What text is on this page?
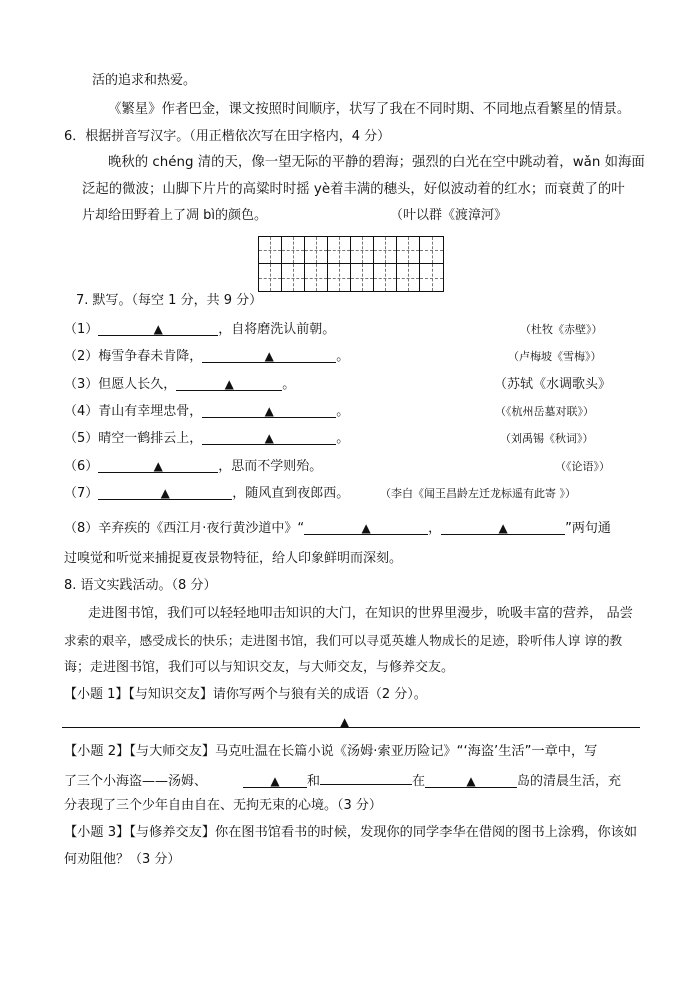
活的追求和热爱。
《繁星》作者巴金，课文按照时间顺序，状写了我在不同时期、不同地点看繁星的情景。
6．根据拼音写汉字。（用正楷依次写在田字格内，4 分）
晚秋的 chéng 清的天，像一望无际的平静的碧海；强烈的白光在空中跳动着，wǎn 如海面
泛起的微波；山脚下片片的高粱时时摇 yè着丰满的穗头，好似波动着的红水；而衰黄了的叶
片却给田野着上了凋 bì的颜色。	（叶以群《渡漳河》
7. 默写。（每空 1 分，共 9 分）
（1）	▲	，自将磨洗认前朝。	（杜牧《赤壁》）
（2）梅雪争春未肯降，	▲	。	（卢梅坡《雪梅》）
（3）但愿人长久，	▲	。	（苏轼《水调歌头》
（4）青山有幸埋忠骨，	▲	。	（《杭州岳墓对联》）
（5）晴空一鹤排云上，	▲	。	（刘禹锡《秋词》）
（6）	▲	，思而不学则殆。	（《论语》）
（7）	▲	，随风直到夜郎西。	（李白《闻王昌龄左迁龙标遥有此寄 》）
（8）辛弃疾的《西江月·夜行黄沙道中》“	▲	，	▲	”两句通
过嗅觉和听觉来捕捉夏夜景物特征，给人印象鲜明而深刻。
8. 语文实践活动。（8 分）
走进图书馆，我们可以轻轻地叩击知识的大门，在知识的世界里漫步，吮吸丰富的营养， 品尝
求索的艰辛，感受成长的快乐；走进图书馆，我们可以寻觅英雄人物成长的足迹，聆听伟人谆 谆的教
诲；走进图书馆，我们可以与知识交友，与大师交友，与修养交友。
【小题 1】【与知识交友】请你写两个与狼有关的成语（2 分）。
▲
【小题 2】【与大师交友】马克吐温在长篇小说《汤姆·索亚历险记》“‘海盗’生活”一章中，写
了三个小海盗——汤姆、	▲ 和	在	▲	岛的清晨生活，充
分表现了三个少年自由自在、无拘无束的心境。（3 分）
【小题 3】【与修养交友】你在图书馆看书的时候，发现你的同学李华在借阅的图书上涂鸦，你该如
何劝阻他？（3 分）
